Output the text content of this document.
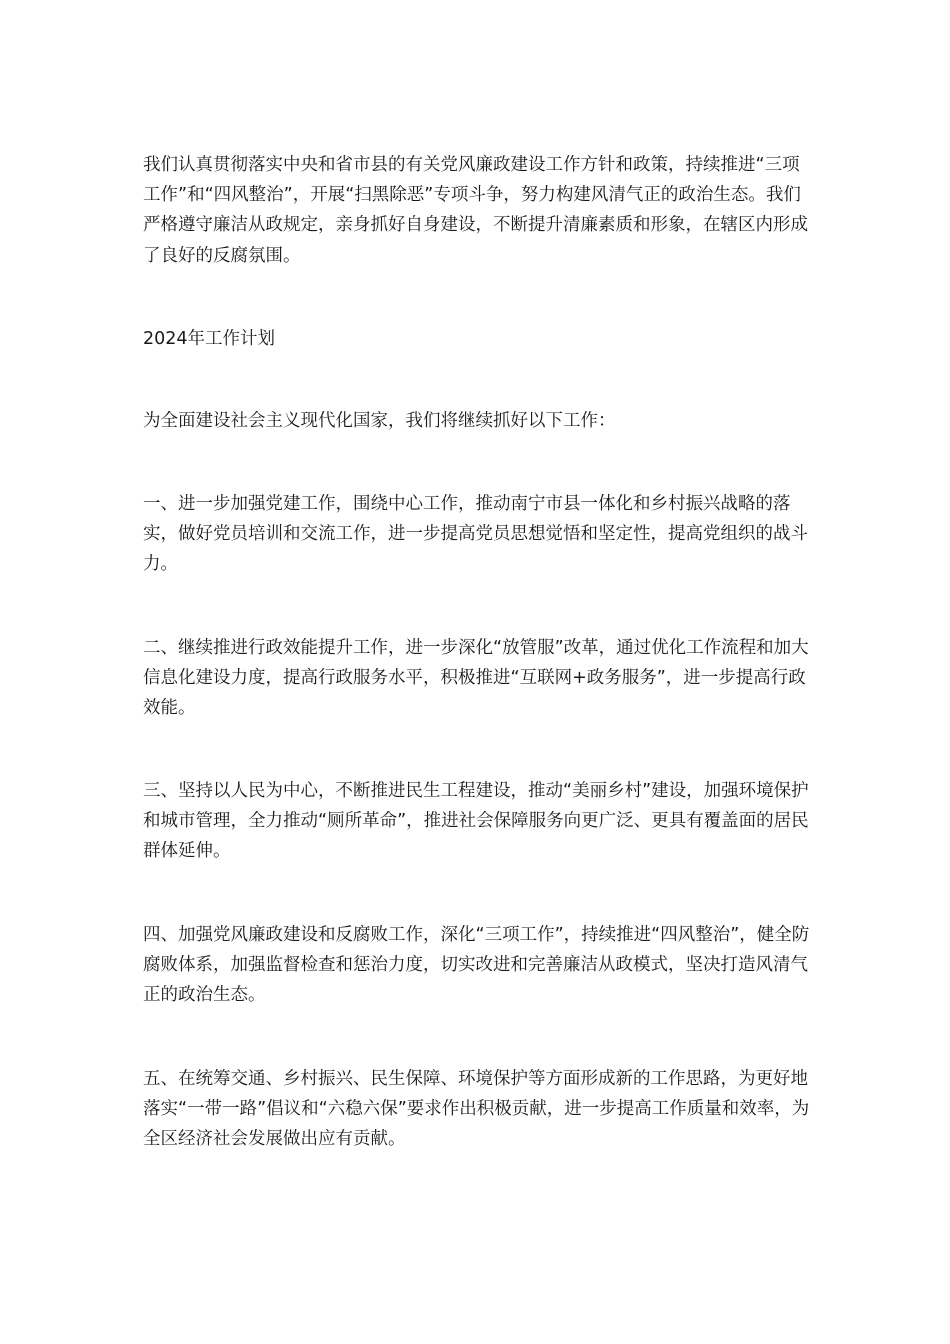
我们认真贯彻落实中央和省市县的有关党风廉政建设工作方针和政策，持续推进“三项工作”和“四风整治”，开展“扫黑除恶”专项斗争，努力构建风清气正的政治生态。我们严格遵守廉洁从政规定，亲身抓好自身建设，不断提升清廉素质和形象，在辖区内形成了良好的反腐氛围。

2024年工作计划

为全面建设社会主义现代化国家，我们将继续抓好以下工作：

一、进一步加强党建工作，围绕中心工作，推动南宁市县一体化和乡村振兴战略的落实，做好党员培训和交流工作，进一步提高党员思想觉悟和坚定性，提高党组织的战斗力。

二、继续推进行政效能提升工作，进一步深化“放管服”改革，通过优化工作流程和加大信息化建设力度，提高行政服务水平，积极推进“互联网+政务服务”，进一步提高行政效能。

三、坚持以人民为中心，不断推进民生工程建设，推动“美丽乡村”建设，加强环境保护和城市管理，全力推动“厕所革命”，推进社会保障服务向更广泛、更具有覆盖面的居民群体延伸。

四、加强党风廉政建设和反腐败工作，深化“三项工作”，持续推进“四风整治”，健全防腐败体系，加强监督检查和惩治力度，切实改进和完善廉洁从政模式，坚决打造风清气正的政治生态。

五、在统筹交通、乡村振兴、民生保障、环境保护等方面形成新的工作思路，为更好地落实“一带一路”倡议和“六稳六保”要求作出积极贡献，进一步提高工作质量和效率，为全区经济社会发展做出应有贡献。
